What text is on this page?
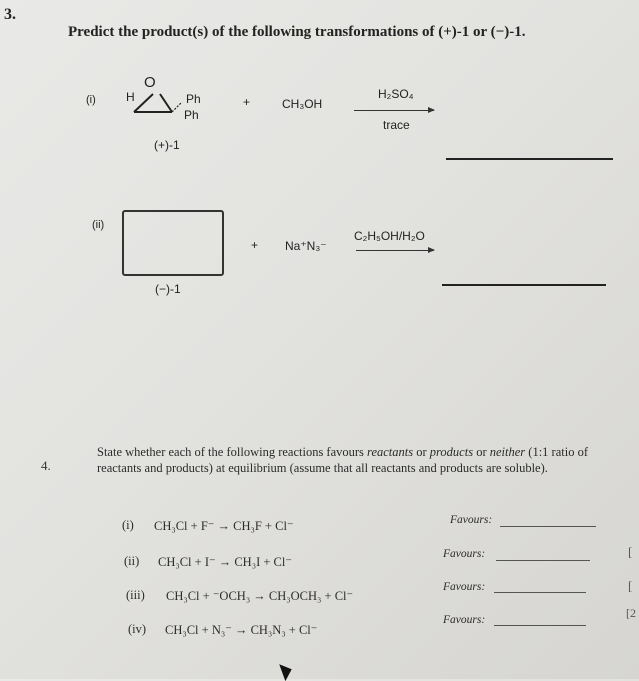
3.
Predict the product(s) of the following transformations of (+)-1 or (−)-1.
(i)	H
O
Ph
Ph
(+)-1
+	CH₃OH
H₂SO₄
trace
(ii)
(−)-1
+ Na⁺N₃⁻
C₂H₅OH/H₂O
4.
State whether each of the following reactions favours reactants or products or neither (1:1 ratio of reactants and products) at equilibrium (assume that all reactants and products are soluble).
(i) CH₃Cl + F⁻ → CH₃F + Cl⁻	Favours:
(ii) CH₃Cl + I⁻ → CH₃I + Cl⁻
Favours:
(iii) CH₃Cl + ⁻OCH₃ → CH₃OCH₃ + Cl⁻
Favours:
(iv) CH₃Cl + N₃⁻ → CH₃N₃ + Cl⁻
Favours:
[
[
[2
